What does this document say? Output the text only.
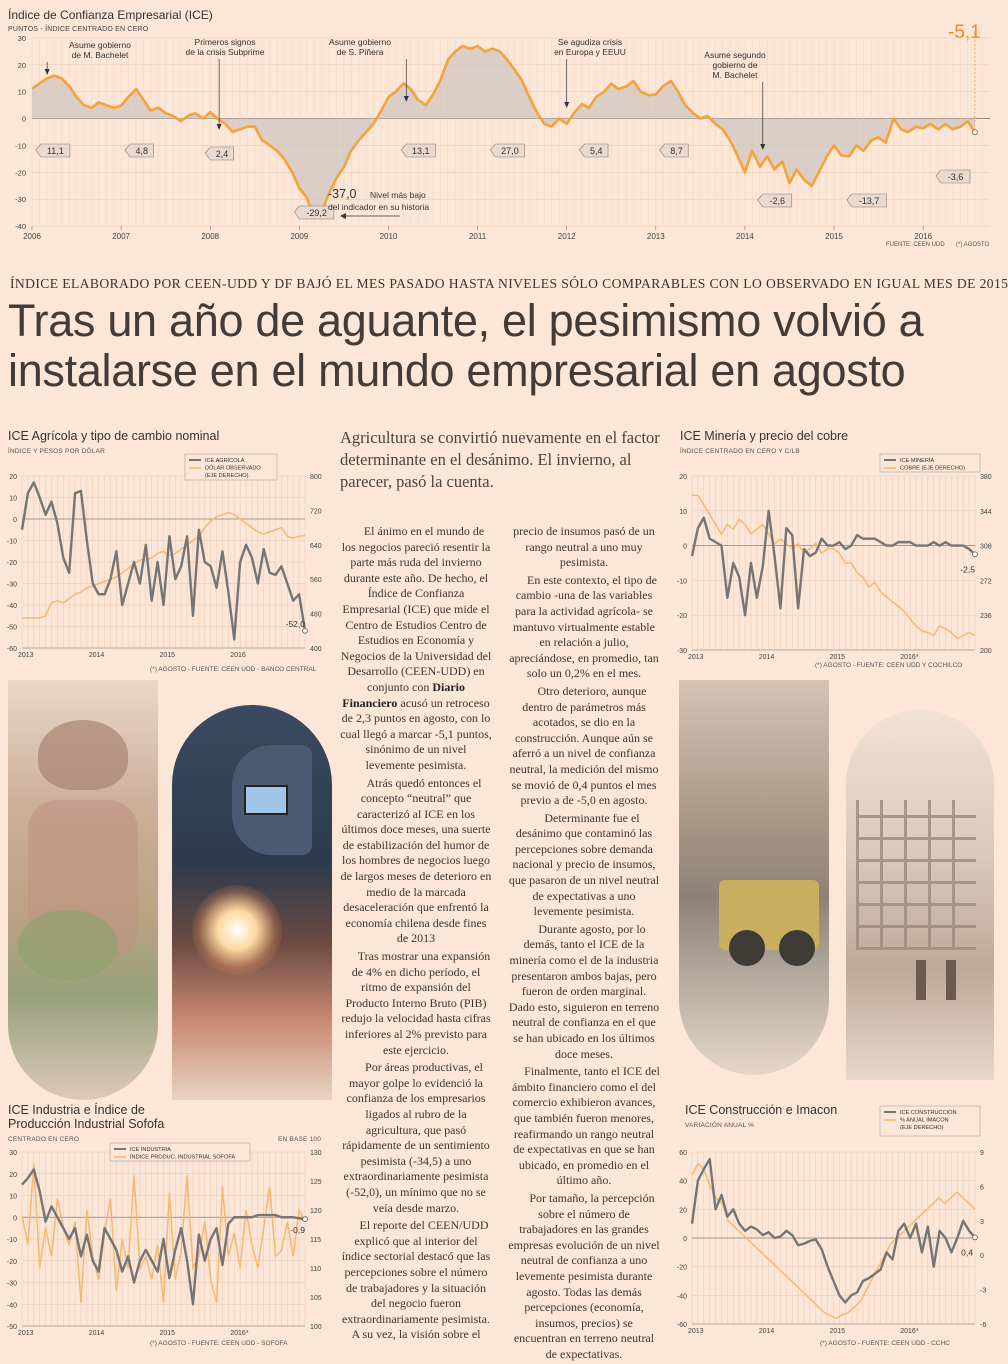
Índice de Confianza Empresarial (ICE)
PUNTOS - ÍNDICE CENTRADO EN CERO	-5,1
30
20
10
0
-10
-20
-30
-40
2006	2007	2008	2009	2010	2011	2012	2013	2014	2015	2016
11,1	4,8	2,4
-29,2
13,1	27,0	5,4	8,7
-2,6	-13,7
-3,6
Asume gobierno
de M. Bachelet
Primeros signos
de la crisis Subprime
Asume gobierno
de S. Piñera
Se agudiza crisis
en Europa y EEUU	Asume segundo
gobierno de
M. Bachelet
-37,0 Nivel más bajo
del indicador en su historia
FUENTE: CEEN UDD (*) AGOSTO
ÍNDICE ELABORADO POR CEEN-UDD Y DF BAJÓ EL MES PASADO HASTA NIVELES SÓLO COMPARABLES CON LO OBSERVADO EN IGUAL MES DE 2015
Tras un año de aguante, el pesimismo volvió a instalarse en el mundo empresarial en agosto
ICE Agrícola y tipo de cambio nominal
ÍNDICE Y PESOS POR DÓLAR
20
10
0
-10
-20
-30
-40
-50
-60
800
720
640
560
480
400
2013	2014	2015	2016
-52,0
ICE AGRÍCOLA
DÓLAR OBSERVADO
(EJE DERECHO)
(*) AGOSTO - FUENTE: CEEN UDD - BANCO CENTRAL
ICE Minería y precio del cobre
ÍNDICE CENTRADO EN CERO Y C/LB
20
10
0
-10
-20
-30
380
344
308
272
236
200
2013	2014	2015	2016*
-2,5
ICE MINERÍA
COBRE (EJE DERECHO)
(*) AGOSTO - FUENTE: CEEN UDD Y COCHILCO
Agricultura se convirtió nuevamente en el factor determinante en el desánimo. El invierno, al parecer, pasó la cuenta.

El ánimo en el mundo de los negocios pareció resentir la parte más ruda del invierno durante este año. De hecho, el Índice de Confianza Empresarial (ICE) que mide el Centro de Estudios Centro de Estudios en Economía y Negocios de la Universidad del Desarrollo (CEEN-UDD) en conjunto con Diario Financiero acusó un retroceso de 2,3 puntos en agosto, con lo cual llegó a marcar -5,1 puntos, sinónimo de un nivel levemente pesimista.

Atrás quedó entonces el concepto “neutral” que caracterizó al ICE en los últimos doce meses, una suerte de estabilización del humor de los hombres de negocios luego de largos meses de deterioro en medio de la marcada desaceleración que enfrentó la economía chilena desde fines de 2013

Tras mostrar una expansión de 4% en dicho período, el ritmo de expansión del Producto Interno Bruto (PIB) redujo la velocidad hasta cifras inferiores al 2% previsto para este ejercicio.

Por áreas productivas, el mayor golpe lo evidenció la confianza de los empresarios ligados al rubro de la agricultura, que pasó rápidamente de un sentimiento pesimista (-34,5) a uno extraordinariamente pesimista (-52,0), un mínimo que no se veía desde marzo.

El reporte del CEEN/UDD explicó que al interior del índice sectorial destacó que las percepciones sobre el número de trabajadores y la situación del negocio fueron extraordinariamente pesimista. A su vez, la visión sobre el

precio de insumos pasó de un rango neutral a uno muy pesimista.

En este contexto, el tipo de cambio -una de las variables para la actividad agrícola- se mantuvo virtualmente estable en relación a julio, apreciándose, en promedio, tan solo un 0,2% en el mes.

Otro deterioro, aunque dentro de parámetros más acotados, se dio en la construcción. Aunque aún se aferró a un nivel de confianza neutral, la medición del mismo se movió de 0,4 puntos el mes previo a de -5,0 en agosto.

Determinante fue el desánimo que contaminó las percepciones sobre demanda nacional y precio de insumos, que pasaron de un nivel neutral de expectativas a uno levemente pesimista.

Durante agosto, por lo demás, tanto el ICE de la minería como el de la industria presentaron ambos bajas, pero fueron de orden marginal. Dado esto, siguieron en terreno neutral de confianza en el que se han ubicado en los últimos doce meses.

Finalmente, tanto el ICE del ámbito financiero como el del comercio exhibieron avances, que también fueron menores, reafirmando un rango neutral de expectativas en que se han ubicado, en promedio en el último año.

Por tamaño, la percepción sobre el número de trabajadores en las grandes empresas evolución de un nivel neutral de confianza a uno levemente pesimista durante agosto. Todas las demás percepciones (economía, insumos, precios) se encuentran en terreno neutral de expectativas.

ICE Industria e Índice de Producción Industrial Sofofa
CENTRADO EN CERO	EN BASE 100
30
20
10
0
-10
-20
-30
-40
-50
130
125
120
115
110
105
100
2013	2014	2015	2016*
-0,9
ICE INDUSTRIA
ÍNDICE PRODUC. INDUSTRIAL SOFOFA
(*) AGOSTO - FUENTE: CEEN UDD - SOFOFA
ICE Construcción e Imacon
VARIACIÓN ANUAL %
60
40
20
0
-20
-40
-60
9
6
3
0
-3
-6
2013	2014	2015	2016*
0,4
ICE CONSTRUCCIÓN
% ANUAL IMACON
(EJE DERECHO)
(*) AGOSTO - FUENTE: CEEN UDD - CCHC
